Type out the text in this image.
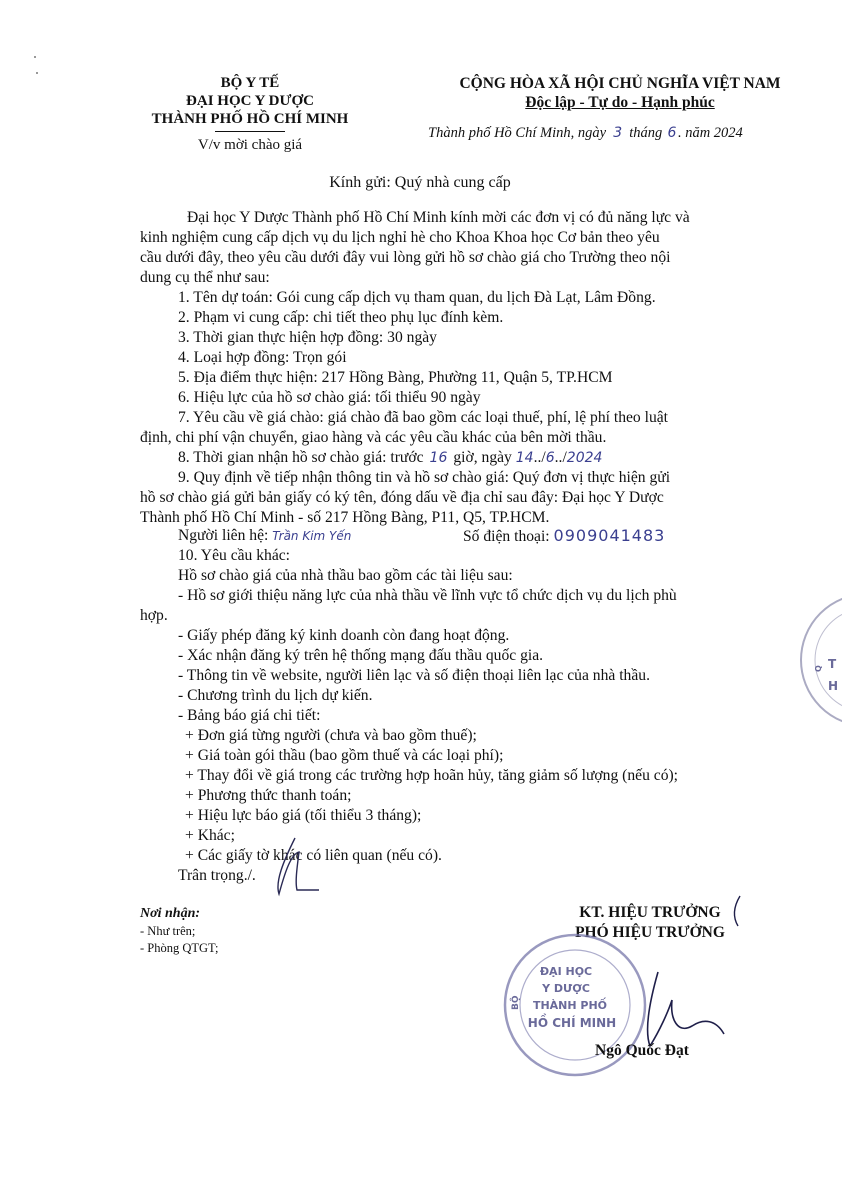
BỘ Y TẾ
ĐẠI HỌC Y DƯỢC
THÀNH PHỐ HỒ CHÍ MINH
V/v mời chào giá
CỘNG HÒA XÃ HỘI CHỦ NGHĨA VIỆT NAM
Độc lập - Tự do - Hạnh phúc
Thành phố Hồ Chí Minh, ngày 3 tháng 6 . năm 2024
Kính gửi: Quý nhà cung cấp
Đại học Y Dược Thành phố Hồ Chí Minh kính mời các đơn vị có đủ năng lực và
kinh nghiệm cung cấp dịch vụ du lịch nghỉ hè cho Khoa Khoa học Cơ bản theo yêu
cầu dưới đây, theo yêu cầu dưới đây vui lòng gửi hồ sơ chào giá cho Trường theo nội
dung cụ thể như sau:
1. Tên dự toán: Gói cung cấp dịch vụ tham quan, du lịch Đà Lạt, Lâm Đồng.
2. Phạm vi cung cấp: chi tiết theo phụ lục đính kèm.
3. Thời gian thực hiện hợp đồng: 30 ngày
4. Loại hợp đồng: Trọn gói
5. Địa điểm thực hiện: 217 Hồng Bàng, Phường 11, Quận 5, TP.HCM
6. Hiệu lực của hồ sơ chào giá: tối thiểu 90 ngày
7. Yêu cầu về giá chào: giá chào đã bao gồm các loại thuế, phí, lệ phí theo luật
định, chi phí vận chuyển, giao hàng và các yêu cầu khác của bên mời thầu.
8. Thời gian nhận hồ sơ chào giá: trước 16 giờ, ngày 14../6../2024
9. Quy định về tiếp nhận thông tin và hồ sơ chào giá: Quý đơn vị thực hiện gửi
hồ sơ chào giá gửi bản giấy có ký tên, đóng dấu về địa chỉ sau đây: Đại học Y Dược
Thành phố Hồ Chí Minh - số 217 Hồng Bàng, P11, Q5, TP.HCM.
Người liên hệ: Trần Kim Yến	Số điện thoại: 0909041483
10. Yêu cầu khác:
Hồ sơ chào giá của nhà thầu bao gồm các tài liệu sau:
- Hồ sơ giới thiệu năng lực của nhà thầu về lĩnh vực tổ chức dịch vụ du lịch phù
hợp.
- Giấy phép đăng ký kinh doanh còn đang hoạt động.
- Xác nhận đăng ký trên hệ thống mạng đấu thầu quốc gia.
- Thông tin về website, người liên lạc và số điện thoại liên lạc của nhà thầu.
- Chương trình du lịch dự kiến.
- Bảng báo giá chi tiết:
+ Đơn giá từng người (chưa và bao gồm thuế);
+ Giá toàn gói thầu (bao gồm thuế và các loại phí);
+ Thay đổi về giá trong các trường hợp hoãn hủy, tăng giảm số lượng (nếu có);
+ Phương thức thanh toán;
+ Hiệu lực báo giá (tối thiểu 3 tháng);
+ Khác;
+ Các giấy tờ khác có liên quan (nếu có).
Trân trọng./.
Nơi nhận:
- Như trên;
- Phòng QTGT;
KT. HIỆU TRƯỞNG
PHÓ HIỆU TRƯỞNG
ĐẠI HỌC
Y DƯỢC
THÀNH PHỐ
HỒ CHÍ MINH
BỘ
Ngô Quốc Đạt
T
H
Q
